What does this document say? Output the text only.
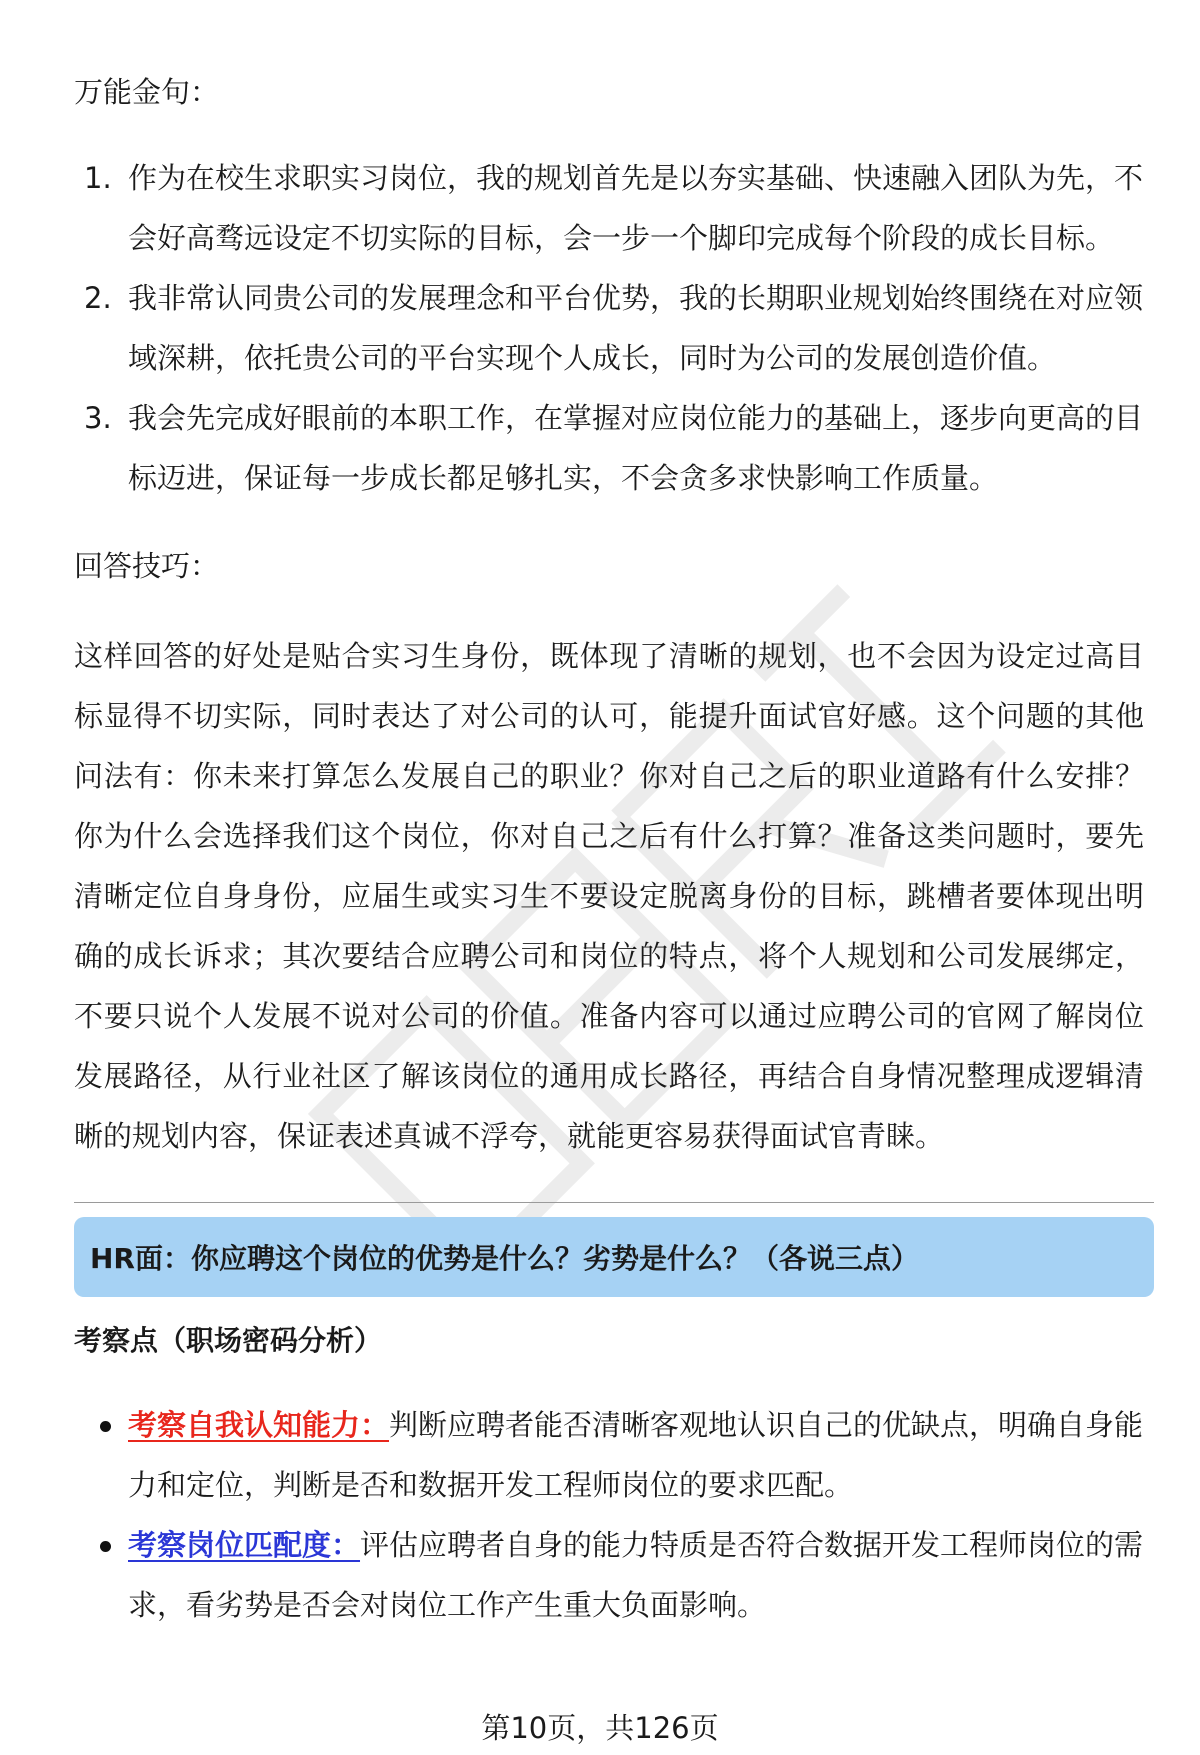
万能金句：

1. 作为在校生求职实习岗位，我的规划首先是以夯实基础、快速融入团队为先，不会好高骛远设定不切实际的目标，会一步一个脚印完成每个阶段的成长目标。
2. 我非常认同贵公司的发展理念和平台优势，我的长期职业规划始终围绕在对应领域深耕，依托贵公司的平台实现个人成长，同时为公司的发展创造价值。
3. 我会先完成好眼前的本职工作，在掌握对应岗位能力的基础上，逐步向更高的目标迈进，保证每一步成长都足够扎实，不会贪多求快影响工作质量。

回答技巧：

这样回答的好处是贴合实习生身份，既体现了清晰的规划，也不会因为设定过高目标显得不切实际，同时表达了对公司的认可，能提升面试官好感。这个问题的其他问法有：你未来打算怎么发展自己的职业？你对自己之后的职业道路有什么安排？你为什么会选择我们这个岗位，你对自己之后有什么打算？准备这类问题时，要先清晰定位自身身份，应届生或实习生不要设定脱离身份的目标，跳槽者要体现出明确的成长诉求；其次要结合应聘公司和岗位的特点，将个人规划和公司发展绑定，不要只说个人发展不说对公司的价值。准备内容可以通过应聘公司的官网了解岗位发展路径，从行业社区了解该岗位的通用成长路径，再结合自身情况整理成逻辑清晰的规划内容，保证表述真诚不浮夸，就能更容易获得面试官青睐。

HR面：你应聘这个岗位的优势是什么？劣势是什么？（各说三点）
考察点（职场密码分析）
考察自我认知能力：判断应聘者能否清晰客观地认识自己的优缺点，明确自身能力和定位，判断是否和数据开发工程师岗位的要求匹配。
考察岗位匹配度：评估应聘者自身的能力特质是否符合数据开发工程师岗位的需求，看劣势是否会对岗位工作产生重大负面影响。
第10页，共126页
